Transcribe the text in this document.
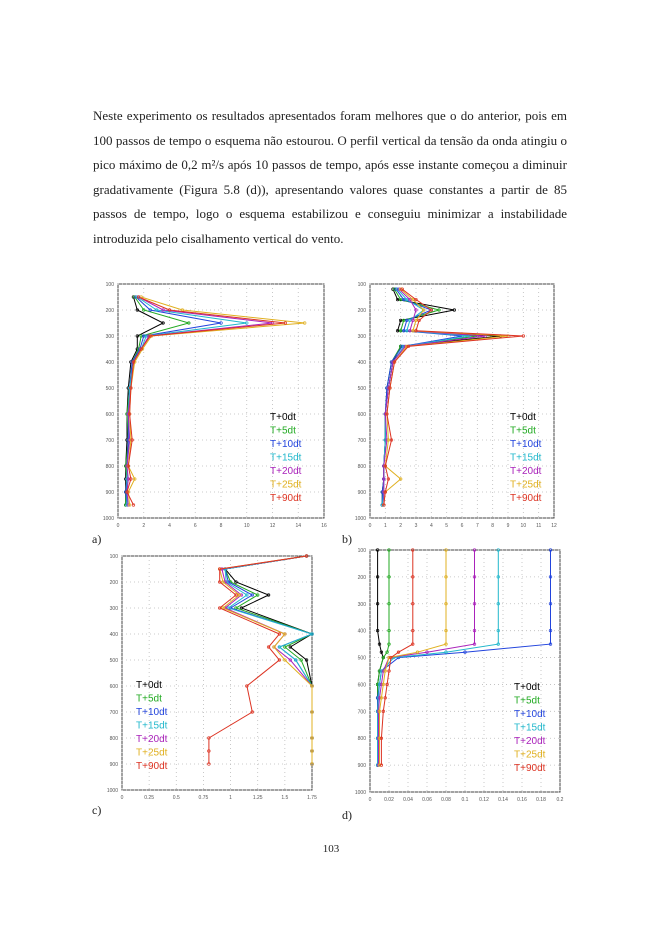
Neste experimento os resultados apresentados foram melhores que o do anterior, pois em 100 passos de tempo o esquema não estourou. O perfil vertical da tensão da onda atingiu o pico máximo de 0,2 m²/s após 10 passos de tempo, após esse instante começou a diminuir gradativamente (Figura 5.8 (d)), apresentando valores quase constantes a partir de 85 passos de tempo, logo o esquema estabilizou e conseguiu minimizar a instabilidade introduzida pelo cisalhamento vertical do vento.
100
200
300
400
500
600
700
800
900
1000
0	2	4	6	8	10	12	14	16
T+0dt
T+5dt
T+10dt
T+15dt
T+20dt
T+25dt
T+90dt
a)
100
200
300
400
500
600
700
800
900
1000
0	1	2	3	4	5	6	7	8	9 10 11 12
T+0dt
T+5dt
T+10dt
T+15dt
T+20dt
T+25dt
T+90dt
b)
100
200
300
400
500
600
700
800
900
1000
0	0.25	0.5	0.75	1	1.25	1.5	1.75
T+0dt
T+5dt
T+10dt
T+15dt
T+20dt
T+25dt
T+90dt
c)
100
200
300
400
500
600
700
800
900
1000
0	0.02 0.04 0.06 0.08 0.1 0.12 0.14 0.16 0.18 0.2
T+0dt
T+5dt
T+10dt
T+15dt
T+20dt
T+25dt
T+90dt
d)
103
